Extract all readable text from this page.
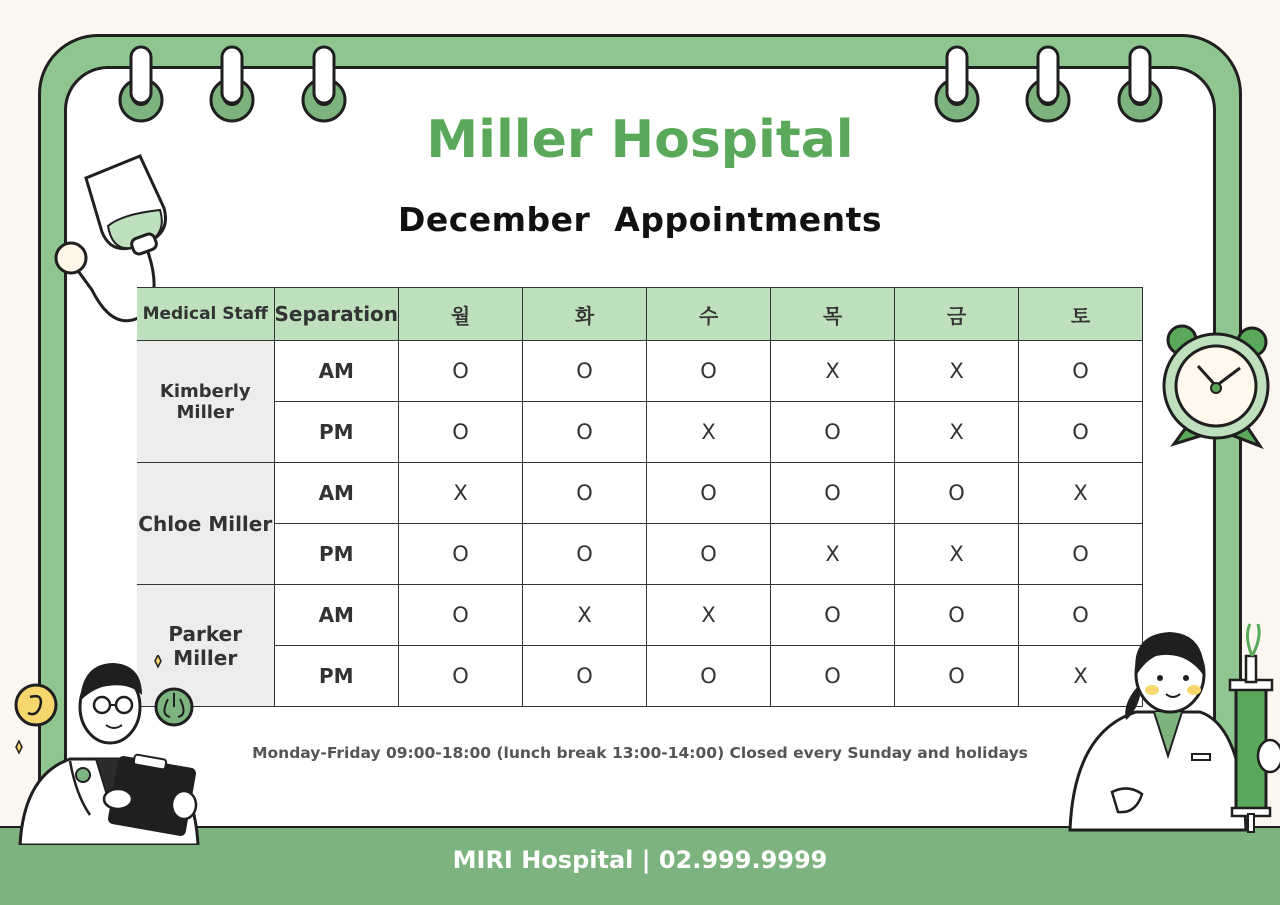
Miller Hospital
December  Appointments
Medical Staff	Separation	월	화	수	목	금	토
Kimberly Miller	AM	O	O	O	X	X	O
	PM	O	O	X	O	X	O
Chloe Miller	AM	X	O	O	O	O	X
	PM	O	O	O	X	X	O
Parker Miller	AM	O	X	X	O	O	O
	PM	O	O	O	O	O	X
Monday-Friday 09:00-18:00 (lunch break 13:00-14:00) Closed every Sunday and holidays
MIRI Hospital | 02.999.9999
